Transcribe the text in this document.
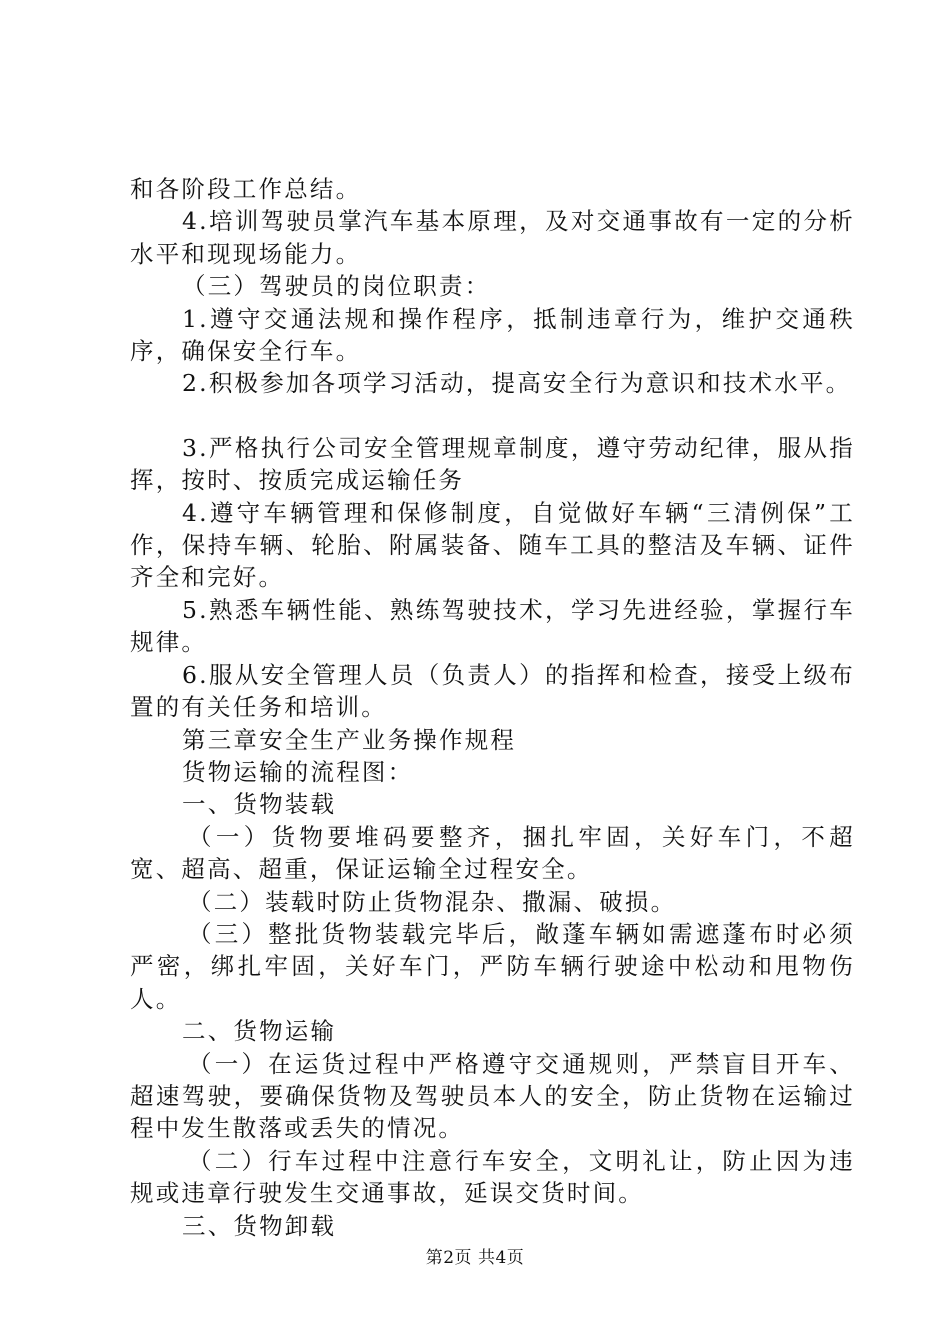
和各阶段工作总结。

4.培训驾驶员掌汽车基本原理，及对交通事故有一定的分析水平和现现场能力。

（三）驾驶员的岗位职责：

1.遵守交通法规和操作程序，抵制违章行为，维护交通秩序，确保安全行车。

2.积极参加各项学习活动，提高安全行为意识和技术水平。

3.严格执行公司安全管理规章制度，遵守劳动纪律，服从指挥，按时、按质完成运输任务

4.遵守车辆管理和保修制度，自觉做好车辆“三清例保”工作，保持车辆、轮胎、附属装备、随车工具的整洁及车辆、证件齐全和完好。

5.熟悉车辆性能、熟练驾驶技术，学习先进经验，掌握行车规律。

6.服从安全管理人员（负责人）的指挥和检查，接受上级布置的有关任务和培训。

第三章安全生产业务操作规程

货物运输的流程图：

一、货物装载

（一）货物要堆码要整齐，捆扎牢固，关好车门，不超宽、超高、超重，保证运输全过程安全。

（二）装载时防止货物混杂、撒漏、破损。

（三）整批货物装载完毕后，敞蓬车辆如需遮蓬布时必须严密，绑扎牢固，关好车门，严防车辆行驶途中松动和甩物伤人。

二、货物运输

（一）在运货过程中严格遵守交通规则，严禁盲目开车、超速驾驶，要确保货物及驾驶员本人的安全，防止货物在运输过程中发生散落或丢失的情况。

（二）行车过程中注意行车安全，文明礼让，防止因为违规或违章行驶发生交通事故，延误交货时间。

三、货物卸载

第2页 共4页
